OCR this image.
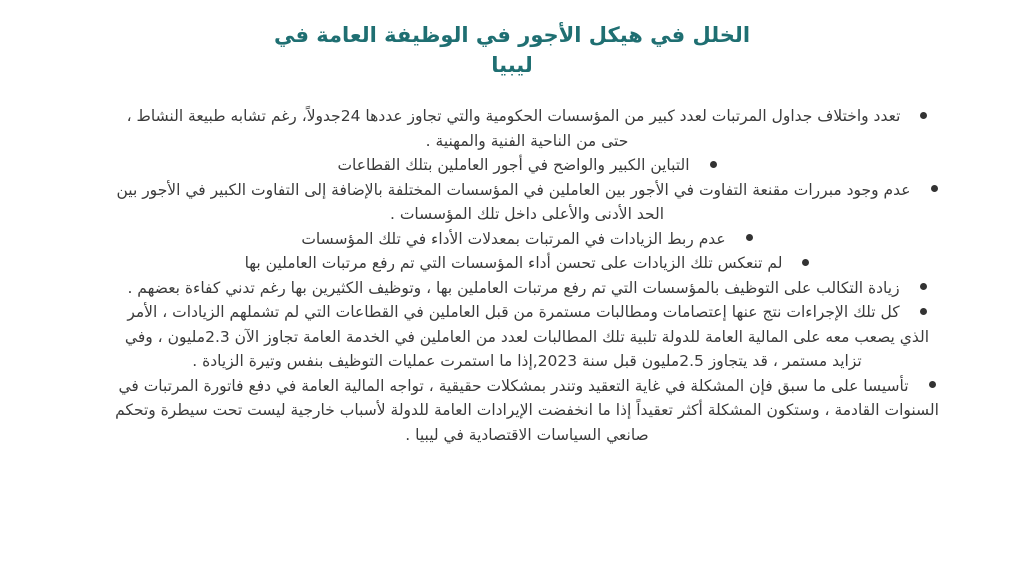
الخلل في هيكل الأجور في الوظيفة العامة في
ليبيا
تعدد واختلاف جداول المرتبات لعدد كبير من المؤسسات الحكومية والتي تجاوز عددها 24جدولاً، رغم تشابه طبيعة النشاط ، حتى من الناحية الفنية والمهنية .
التباين الكبير والواضح في أجور العاملين بتلك القطاعات
عدم وجود مبررات مقنعة التفاوت في الأجور بين العاملين في المؤسسات المختلفة بالإضافة إلى التفاوت الكبير في الأجور بين الحد الأدنى والأعلى داخل تلك المؤسسات .
عدم ربط الزيادات في المرتبات بمعدلات الأداء في تلك المؤسسات
لم تنعكس تلك الزيادات على تحسن أداء المؤسسات التي تم رفع مرتبات العاملين بها
زيادة التكالب على التوظيف بالمؤسسات التي تم رفع مرتبات العاملين بها ، وتوظيف الكثيرين بها رغم تدني كفاءة بعضهم .
كل تلك الإجراءات نتج عنها إعتصامات ومطالبات مستمرة من قبل العاملين في القطاعات التي لم تشملهم الزيادات ، الأمر الذي يصعب معه على المالية العامة للدولة تلبية تلك المطالبات لعدد من العاملين في الخدمة العامة تجاوز الآن 2.3مليون ، وفي تزايد مستمر ، قد يتجاوز 2.5مليون قبل سنة 2023,إذا ما استمرت عمليات التوظيف بنفس وتيرة الزيادة .
تأسيسا على ما سبق فإن المشكلة في غاية التعقيد وتندر بمشكلات حقيقية ، تواجه المالية العامة في دفع فاتورة المرتبات في السنوات القادمة ، وستكون المشكلة أكثر تعقيداً إذا ما انخفضت الإيرادات العامة للدولة لأسباب خارجية ليست تحت سيطرة وتحكم صانعي السياسات الاقتصادية في ليبيا .
